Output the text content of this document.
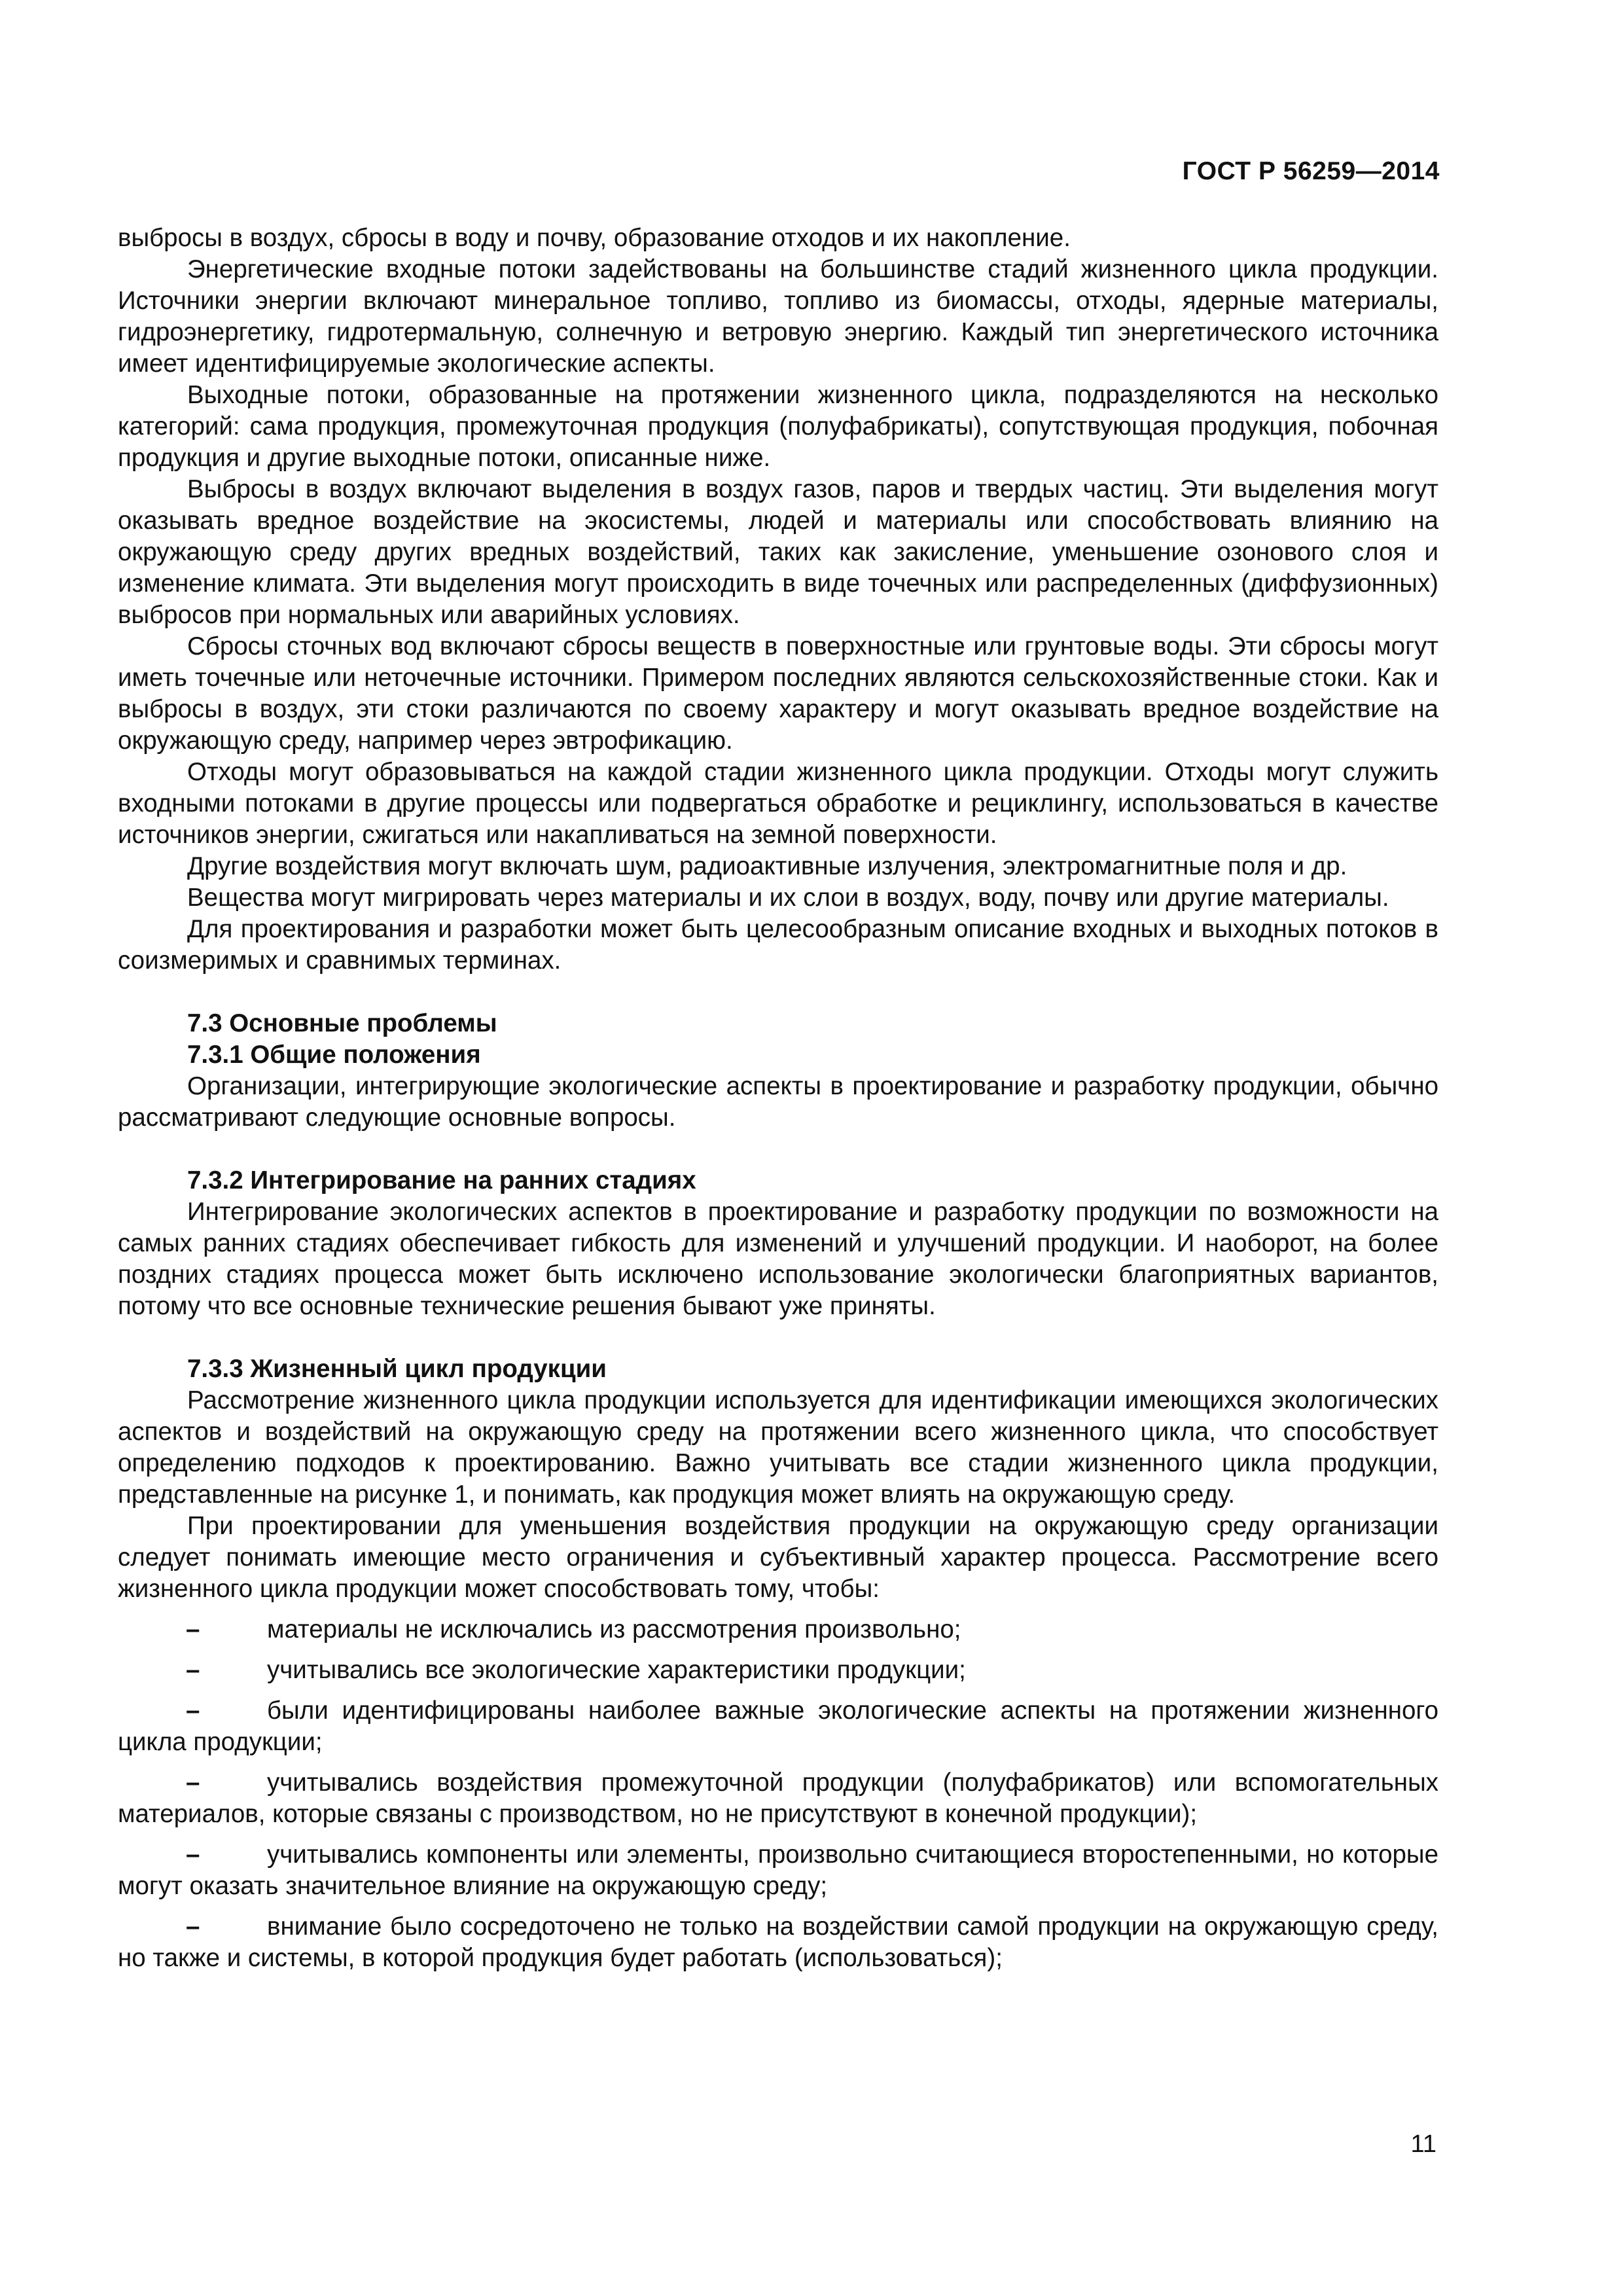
ГОСТ Р 56259—2014

выбросы в воздух, сбросы в воду и почву, образование отходов и их накопление.

Энергетические входные потоки задействованы на большинстве стадий жизненного цикла продукции. Источники энергии включают минеральное топливо, топливо из биомассы, отходы, ядерные материалы, гидроэнергетику, гидротермальную, солнечную и ветровую энергию. Каждый тип энергетического источника имеет идентифицируемые экологические аспекты.

Выходные потоки, образованные на протяжении жизненного цикла, подразделяются на несколько категорий: сама продукция, промежуточная продукция (полуфабрикаты), сопутствующая продукция, побочная продукция и другие выходные потоки, описанные ниже.

Выбросы в воздух включают выделения в воздух газов, паров и твердых частиц. Эти выделения могут оказывать вредное воздействие на экосистемы, людей и материалы или способствовать влиянию на окружающую среду других вредных воздействий, таких как закисление, уменьшение озонового слоя и изменение климата. Эти выделения могут происходить в виде точечных или распределенных (диффузионных) выбросов при нормальных или аварийных условиях.

Сбросы сточных вод включают сбросы веществ в поверхностные или грунтовые воды. Эти сбросы могут иметь точечные или неточечные источники. Примером последних являются сельскохозяйственные стоки. Как и выбросы в воздух, эти стоки различаются по своему характеру и могут оказывать вредное воздействие на окружающую среду, например через эвтрофикацию.

Отходы могут образовываться на каждой стадии жизненного цикла продукции. Отходы могут служить входными потоками в другие процессы или подвергаться обработке и рециклингу, использоваться в качестве источников энергии, сжигаться или накапливаться на земной поверхности.

Другие воздействия могут включать шум, радиоактивные излучения, электромагнитные поля и др.

Вещества могут мигрировать через материалы и их слои в воздух, воду, почву или другие материалы.

Для проектирования и разработки может быть целесообразным описание входных и выходных потоков в соизмеримых и сравнимых терминах.

7.3 Основные проблемы
7.3.1 Общие положения

Организации, интегрирующие экологические аспекты в проектирование и разработку продукции, обычно рассматривают следующие основные вопросы.

7.3.2 Интегрирование на ранних стадиях

Интегрирование экологических аспектов в проектирование и разработку продукции по возможности на самых ранних стадиях обеспечивает гибкость для изменений и улучшений продукции. И наоборот, на более поздних стадиях процесса может быть исключено использование экологически благоприятных вариантов, потому что все основные технические решения бывают уже приняты.

7.3.3 Жизненный цикл продукции

Рассмотрение жизненного цикла продукции используется для идентификации имеющихся экологических аспектов и воздействий на окружающую среду на протяжении всего жизненного цикла, что способствует определению подходов к проектированию. Важно учитывать все стадии жизненного цикла продукции, представленные на рисунке 1, и понимать, как продукция может влиять на окружающую среду.

При проектировании для уменьшения воздействия продукции на окружающую среду организации следует понимать имеющие место ограничения и субъективный характер процесса. Рассмотрение всего жизненного цикла продукции может способствовать тому, чтобы:

–	материалы не исключались из рассмотрения произвольно;
–	учитывались все экологические характеристики продукции;
–	были идентифицированы наиболее важные экологические аспекты на протяжении жизненного цикла продукции;
–	учитывались воздействия промежуточной продукции (полуфабрикатов) или вспомогательных материалов, которые связаны с производством, но не присутствуют в конечной продукции);
–	учитывались компоненты или элементы, произвольно считающиеся второстепенными, но которые могут оказать значительное влияние на окружающую среду;
–	внимание было сосредоточено не только на воздействии самой продукции на окружающую среду, но также и системы, в которой продукция будет работать (использоваться);
11
